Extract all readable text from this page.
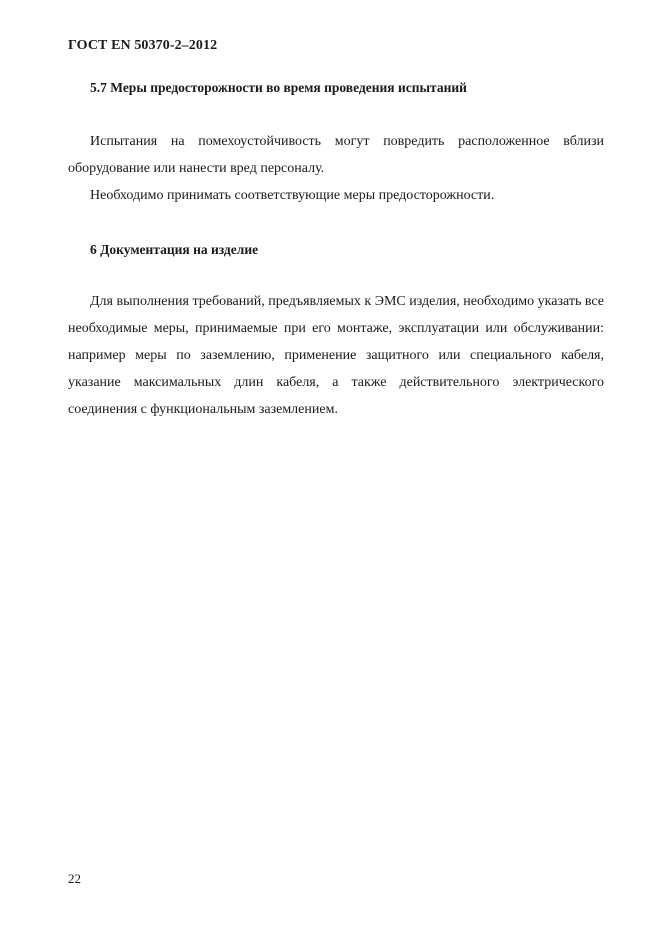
ГОСТ EN 50370-2–2012
5.7 Меры предосторожности во время проведения испытаний

Испытания на помехоустойчивость могут повредить расположенное вблизи оборудование или нанести вред персоналу.

Необходимо принимать соответствующие меры предосторожности.

6 Документация на изделие

Для выполнения требований, предъявляемых к ЭМС изделия, необходимо указать все необходимые меры, принимаемые при его монтаже, эксплуатации или обслуживании: например меры по заземлению, применение защитного или специального кабеля, указание максимальных длин кабеля, а также действительного электрического соединения с функциональным заземлением.

22
